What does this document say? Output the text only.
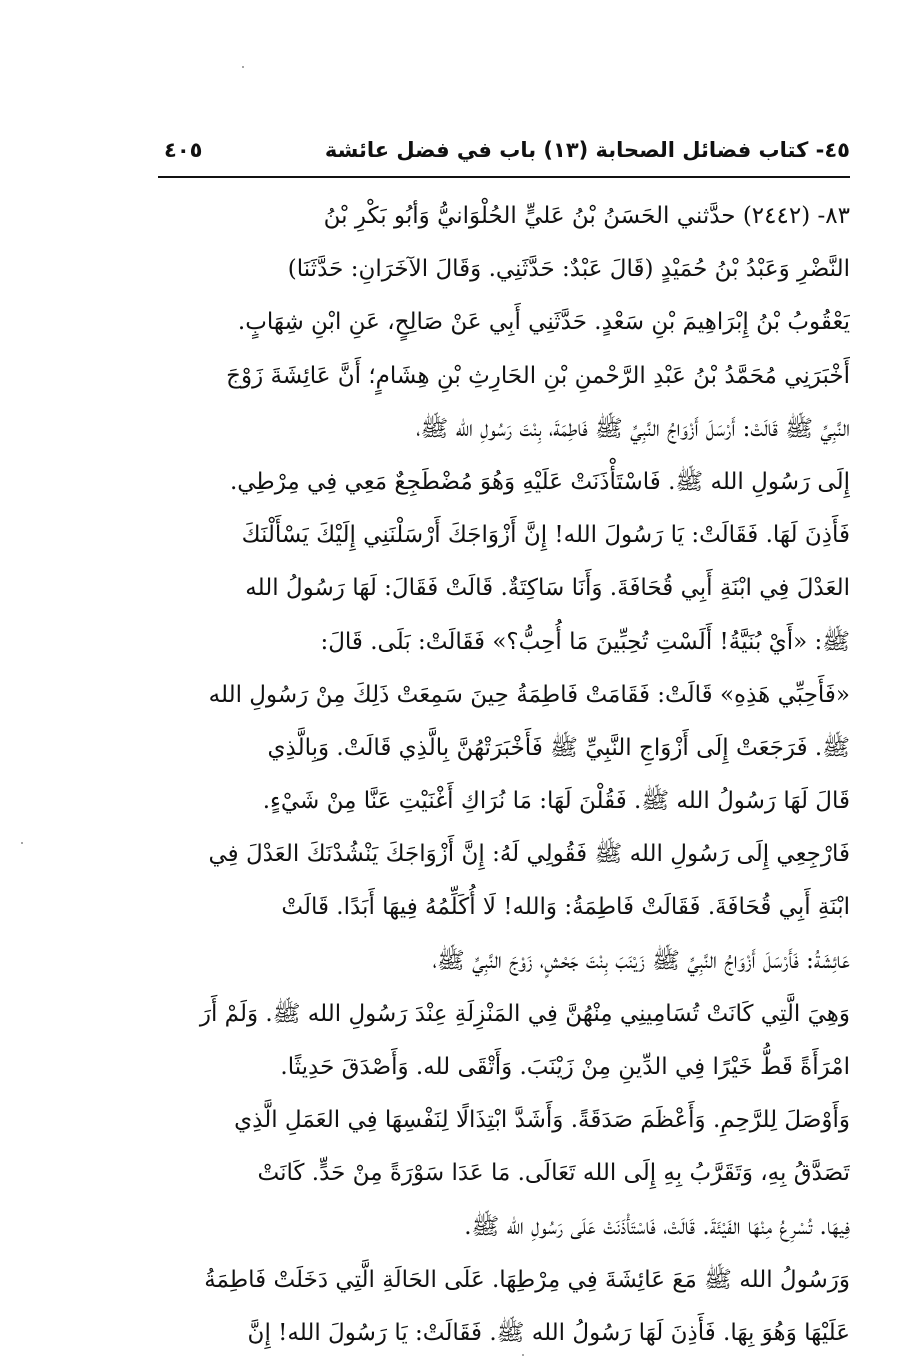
٤٥- كتاب فضائل الصحابة (١٣) باب في فضل عائشة
٤٠٥
٨٣- (٢٤٤٢) حدَّثني الحَسَنُ بْنُ عَليٍّ الحُلْوَانيُّ وَأبُو بَكْرِ بْنُ
النَّضْرِ وَعَبْدُ بْنُ حُمَيْدٍ (قَالَ عَبْدٌ: حَدَّثَنِي. وَقَالَ الآخَرَانِ: حَدَّثَنَا)
يَعْقُوبُ بْنُ إِبْرَاهِيمَ بْنِ سَعْدٍ. حَدَّثَنِي أَبِي عَنْ صَالِحٍ، عَنِ ابْنِ شِهَابٍ.
أَخْبَرَنِي مُحَمَّدُ بْنُ عَبْدِ الرَّحْمنِ بْنِ الحَارِثِ بْنِ هِشَامٍ؛ أَنَّ عَائِشَةَ زَوْجَ
النَّبِيِّ ﷺ قَالَتْ: أَرْسَلَ أَزْوَاجُ النَّبِيِّ ﷺ فَاطِمَةَ، بِنْتَ رَسُولِ الله ﷺ،
إِلَى رَسُولِ الله ﷺ. فَاسْتَأْذَنَتْ عَلَيْهِ وَهُوَ مُضْطَجِعٌ مَعِي فِي مِرْطِي.
فَأَذِنَ لَهَا. فَقَالَتْ: يَا رَسُولَ الله! إِنَّ أَزْوَاجَكَ أَرْسَلْنَنِي إِلَيْكَ يَسْأَلْنَكَ
العَدْلَ فِي ابْنَةِ أَبِي قُحَافَةَ. وَأَنَا سَاكِتَةٌ. قَالَتْ فَقَالَ: لَهَا رَسُولُ الله
ﷺ: «أَيْ بُنَيَّةُ! أَلَسْتِ تُحِبِّينَ مَا أُحِبُّ؟» فَقَالَتْ: بَلَى. قَالَ:
«فَأَحِبِّي هَذِهِ» قَالَتْ: فَقَامَتْ فَاطِمَةُ حِينَ سَمِعَتْ ذَلِكَ مِنْ رَسُولِ الله
ﷺ. فَرَجَعَتْ إِلَى أَزْوَاجِ النَّبِيِّ ﷺ فَأَخْبَرَتْهُنَّ بِالَّذِي قَالَتْ. وَبِالَّذِي
قَالَ لَهَا رَسُولُ الله ﷺ. فَقُلْنَ لَهَا: مَا نُرَاكِ أَغْنَيْتِ عَنَّا مِنْ شَيْءٍ.
فَارْجِعِي إِلَى رَسُولِ الله ﷺ فَقُولِي لَهُ: إِنَّ أَزْوَاجَكَ يَنْشُدْنَكَ العَدْلَ فِي
ابْنَةِ أَبِي قُحَافَةَ. فَقَالَتْ فَاطِمَةُ: وَالله! لَا أُكَلِّمُهُ فِيهَا أَبَدًا. قَالَتْ
عَائِشَةُ: فَأَرْسَلَ أَزْوَاجُ النَّبِيِّ ﷺ زَيْنَبَ بِنْتَ جَحْشٍ، زَوْجَ النَّبِيِّ ﷺ،
وَهِيَ الَّتِي كَانَتْ تُسَامِينِي مِنْهُنَّ فِي المَنْزِلَةِ عِنْدَ رَسُولِ الله ﷺ. وَلَمْ أَرَ
امْرَأَةً قَطُّ خَيْرًا فِي الدِّينِ مِنْ زَيْنَبَ. وَأَتْقَى لله. وَأَصْدَقَ حَدِيثًا.
وَأَوْصَلَ لِلرَّحِمِ. وَأَعْظَمَ صَدَقَةً. وَأَشَدَّ ابْتِذَالًا لِنَفْسِهَا فِي العَمَلِ الَّذِي
تَصَدَّقُ بِهِ، وَتَقَرَّبُ بِهِ إِلَى الله تَعَالَى. مَا عَدَا سَوْرَةً مِنْ حَدٍّ. كَانَتْ
فِيهَا. تُسْرِعُ مِنْهَا الفَيْئَةَ. قَالَتْ، فَاسْتَأْذَنَتْ عَلَى رَسُولِ الله ﷺ.
وَرَسُولُ الله ﷺ مَعَ عَائِشَةَ فِي مِرْطِهَا. عَلَى الحَالَةِ الَّتِي دَخَلَتْ فَاطِمَةُ
عَلَيْهَا وَهُوَ بِهَا. فَأَذِنَ لَهَا رَسُولُ الله ﷺ. فَقَالَتْ: يَا رَسُولَ الله! إِنَّ
